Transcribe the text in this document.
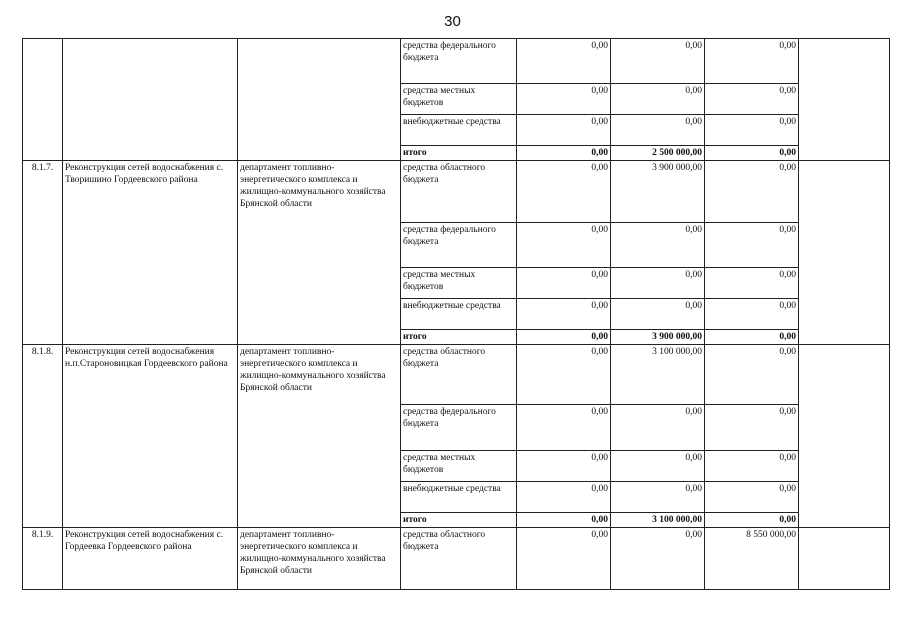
30
			средства федерального бюджета	0,00	0,00	0,00	
			средства местных бюджетов	0,00	0,00	0,00	
			внебюджетные средства	0,00	0,00	0,00	
			итого	0,00	2 500 000,00	0,00	
8.1.7.	Реконструкция сетей водоснабжения с. Творишино Гордеевского района	департамент топливно-энергетического комплекса и жилищно-коммунального хозяйства Брянской области	средства областного бюджета	0,00	3 900 000,00	0,00	
			средства федерального бюджета	0,00	0,00	0,00	
			средства местных бюджетов	0,00	0,00	0,00	
			внебюджетные средства	0,00	0,00	0,00	
			итого	0,00	3 900 000,00	0,00	
8.1.8.	Реконструкция сетей водоснабжения н.п.Староновицкая Гордеевского района	департамент топливно-энергетического комплекса и жилищно-коммунального хозяйства Брянской области	средства областного бюджета	0,00	3 100 000,00	0,00	
			средства федерального бюджета	0,00	0,00	0,00	
			средства местных бюджетов	0,00	0,00	0,00	
			внебюджетные средства	0,00	0,00	0,00	
			итого	0,00	3 100 000,00	0,00	
8.1.9.	Реконструкция сетей водоснабжения с. Гордеевка Гордеевского района	департамент топливно-энергетического комплекса и жилищно-коммунального хозяйства Брянской области	средства областного бюджета	0,00	0,00	8 550 000,00	
